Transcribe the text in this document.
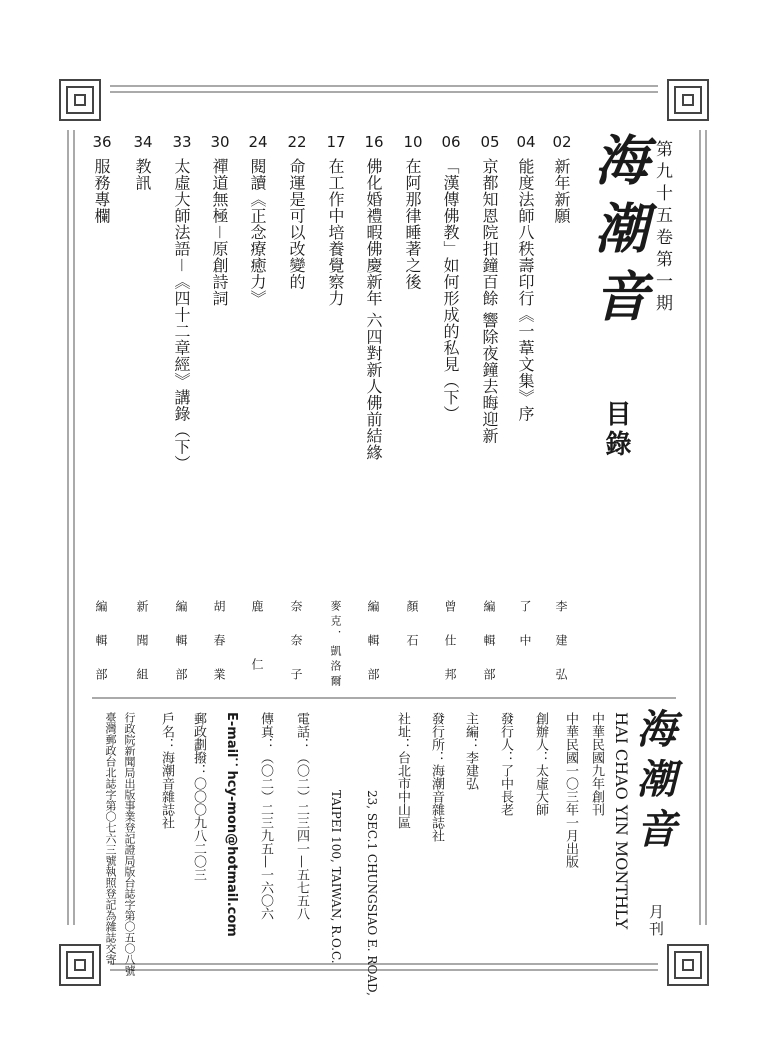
第九十五卷第一期
海潮音
目錄
02
新年新願
李建弘
04
能度法師八秩壽印行《一葦文集》序
了中
05
京都知恩院扣鐘百餘 響除夜鐘去晦迎新
編輯部
06
「漢傳佛教」如何形成的私見（下）
曾仕邦
10
在阿那律睡著之後
顏石
16
佛化婚禮暇佛慶新年 六四對新人佛前結緣
編輯部
17
在工作中培養覺察力
麥克．凱洛爾
22
命運是可以改變的
奈奈子
24
閱讀《正念療癒力》
鹿仁
30
禪道無極－原創詩詞
胡春業
33
太虛大師法語－《四十二章經》講錄（下）
編輯部
34
教訊
新聞組
36
服務專欄
編輯部
海潮音
月刊
HAI CHAO YIN MONTHLY
中華民國九年創刊
中華民國一〇三年一月出版
創辦人：太虛大師
發行人：了中長老
主編：李建弘
發行所：海潮音雜誌社
社址：台北市中山區
23, SEC.1 CHUNGSIAO E. ROAD,
TAIPEI 100, TAIWAN, R.O.C.
電話：（〇二）二三四一—五七五八
傳真：（〇二）二三九五—一六〇六
E-mail：hcy-mon@hotmail.com
郵政劃撥：〇〇〇九八二〇三
戶名：海潮音雜誌社
行政院新聞局出版事業登記證局版台誌字第〇五〇八號
臺灣郵政台北誌字第〇七六三號執照登記為雜誌交寄
